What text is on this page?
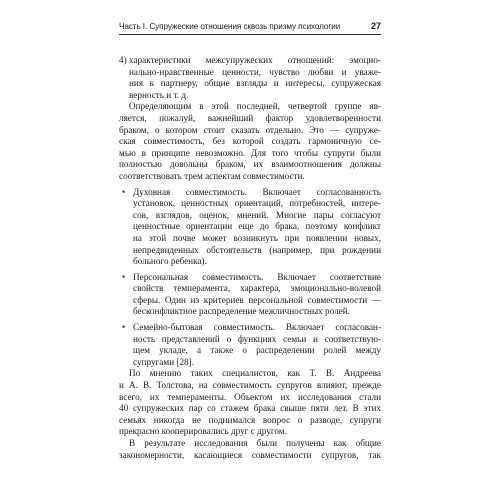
Часть I. Супружеские отношения сквозь призму психологии	27
4) характеристики межсупружеских отношений: эмоцио-
нально-нравственные ценности, чувство любви и уваже-
ния к партнеру, общие взгляды и интересы, супружеская
верность и т. д.
Определяющим в этой последней, четвертой группе яв-
ляется, пожалуй, важнейший фактор удовлетворенности
браком, о котором стоит сказать отдельно. Это — супруже-
ская совместимость, без которой создать гармоничную се-
мью в принципе невозможно. Для того чтобы супруги были
полностью довольны браком, их взаимоотношения должны
соответствовать трем аспектам совместимости.
• Духовная совместимость. Включает согласованность
установок, ценностных ориентаций, потребностей, интере-
сов, взглядов, оценок, мнений. Многие пары согласуют
ценностные ориентации еще до брака, поэтому конфликт
на этой почве может возникнуть при появлении новых,
непредвиденных обстоятельств (например, при рождении
больного ребенка).
• Персональная совместимость. Включает соответствие
свойств темперамента, характера, эмоционально-волевой
сферы. Один из критериев персональной совместимости —
бесконфликтное распределение межличностных ролей.
• Семейно-бытовая совместимость. Включает согласован-
ность представлений о функциях семьи и соответствую-
щем укладе, а также о распределении ролей между
супругами [28].
По мнению таких специалистов, как Т. В. Андреева
и А. В. Толстова, на совместимость супругов влияют, прежде
всего, их темпераменты. Объектом их исследования стали
40 супружеских пар со стажем брака свыше пяти лет. В этих
семьях никогда не поднимался вопрос о разводе, супруги
прекрасно кооперировались друг с другом.
В результате исследования были получены как общие
закономерности, касающиеся совместимости супругов, так
